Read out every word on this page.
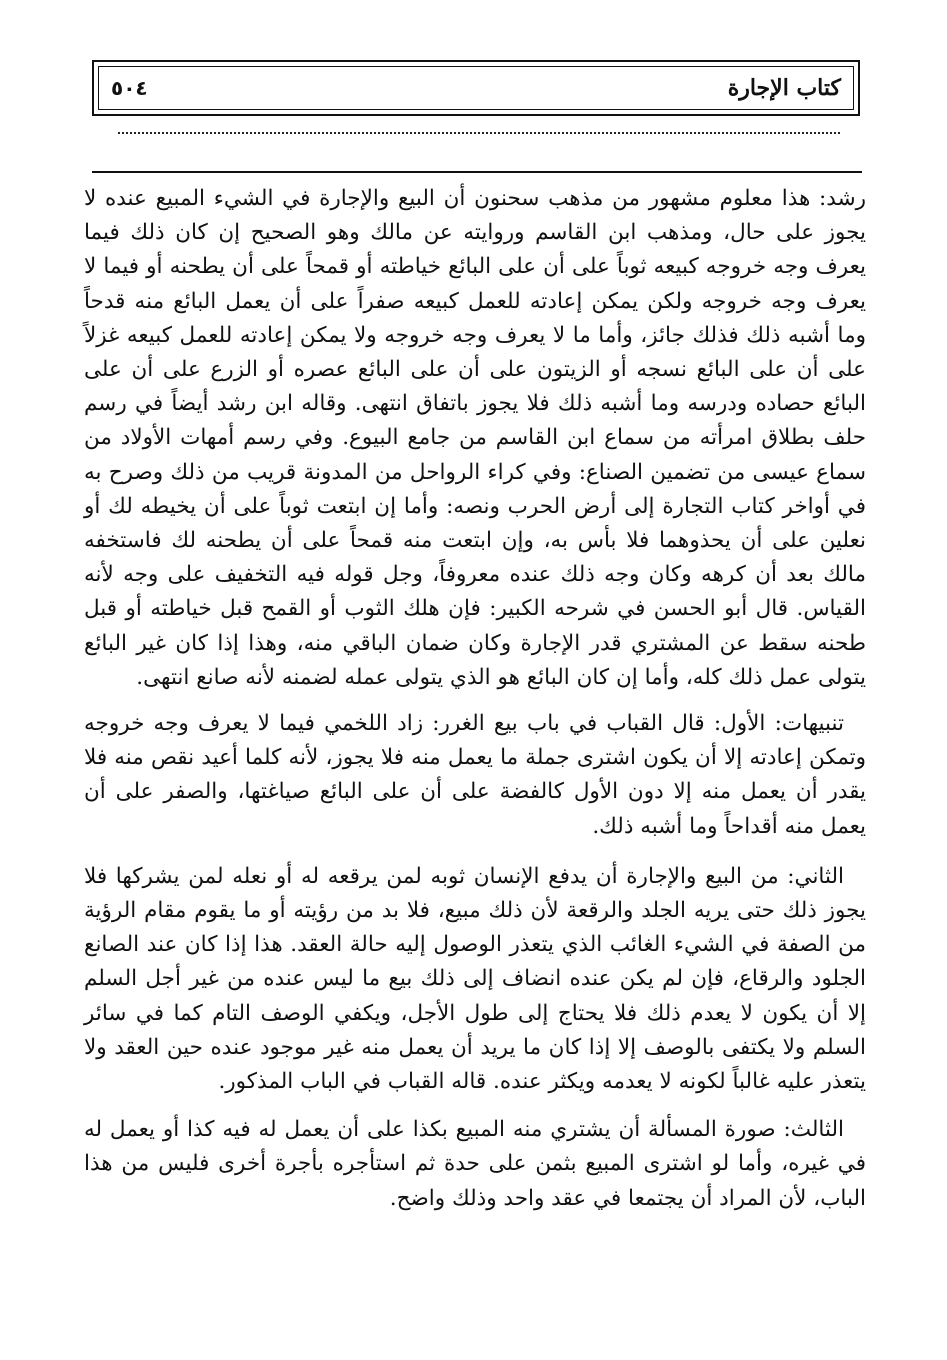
كتاب الإجارة
٥٠٤

رشد: هذا معلوم مشهور من مذهب سحنون أن البيع والإجارة في الشيء المبيع عنده لا يجوز على حال، ومذهب ابن القاسم وروايته عن مالك وهو الصحيح إن كان ذلك فيما يعرف وجه خروجه كبيعه ثوباً على أن على البائع خياطته أو قمحاً على أن يطحنه أو فيما لا يعرف وجه خروجه ولكن يمكن إعادته للعمل كبيعه صفراً على أن يعمل البائع منه قدحاً وما أشبه ذلك فذلك جائز، وأما ما لا يعرف وجه خروجه ولا يمكن إعادته للعمل كبيعه غزلاً على أن على البائع نسجه أو الزيتون على أن على البائع عصره أو الزرع على أن على البائع حصاده ودرسه وما أشبه ذلك فلا يجوز باتفاق انتهى. وقاله ابن رشد أيضاً في رسم حلف بطلاق امرأته من سماع ابن القاسم من جامع البيوع. وفي رسم أمهات الأولاد من سماع عيسى من تضمين الصناع: وفي كراء الرواحل من المدونة قريب من ذلك وصرح به في أواخر كتاب التجارة إلى أرض الحرب ونصه: وأما إن ابتعت ثوباً على أن يخيطه لك أو نعلين على أن يحذوهما فلا بأس به، وإن ابتعت منه قمحاً على أن يطحنه لك فاستخفه مالك بعد أن كرهه وكان وجه ذلك عنده معروفاً، وجل قوله فيه التخفيف على وجه لأنه القياس. قال أبو الحسن في شرحه الكبير: فإن هلك الثوب أو القمح قبل خياطته أو قبل طحنه سقط عن المشتري قدر الإجارة وكان ضمان الباقي منه، وهذا إذا كان غير البائع يتولى عمل ذلك كله، وأما إن كان البائع هو الذي يتولى عمله لضمنه لأنه صانع انتهى.

تنبيهات: الأول: قال القباب في باب بيع الغرر: زاد اللخمي فيما لا يعرف وجه خروجه وتمكن إعادته إلا أن يكون اشترى جملة ما يعمل منه فلا يجوز، لأنه كلما أعيد نقص منه فلا يقدر أن يعمل منه إلا دون الأول كالفضة على أن على البائع صياغتها، والصفر على أن يعمل منه أقداحاً وما أشبه ذلك.

الثاني: من البيع والإجارة أن يدفع الإنسان ثوبه لمن يرقعه له أو نعله لمن يشركها فلا يجوز ذلك حتى يريه الجلد والرقعة لأن ذلك مبيع، فلا بد من رؤيته أو ما يقوم مقام الرؤية من الصفة في الشيء الغائب الذي يتعذر الوصول إليه حالة العقد. هذا إذا كان عند الصانع الجلود والرقاع، فإن لم يكن عنده انضاف إلى ذلك بيع ما ليس عنده من غير أجل السلم إلا أن يكون لا يعدم ذلك فلا يحتاج إلى طول الأجل، ويكفي الوصف التام كما في سائر السلم ولا يكتفى بالوصف إلا إذا كان ما يريد أن يعمل منه غير موجود عنده حين العقد ولا يتعذر عليه غالباً لكونه لا يعدمه ويكثر عنده. قاله القباب في الباب المذكور.

الثالث: صورة المسألة أن يشتري منه المبيع بكذا على أن يعمل له فيه كذا أو يعمل له في غيره، وأما لو اشترى المبيع بثمن على حدة ثم استأجره بأجرة أخرى فليس من هذا الباب، لأن المراد أن يجتمعا في عقد واحد وذلك واضح.
